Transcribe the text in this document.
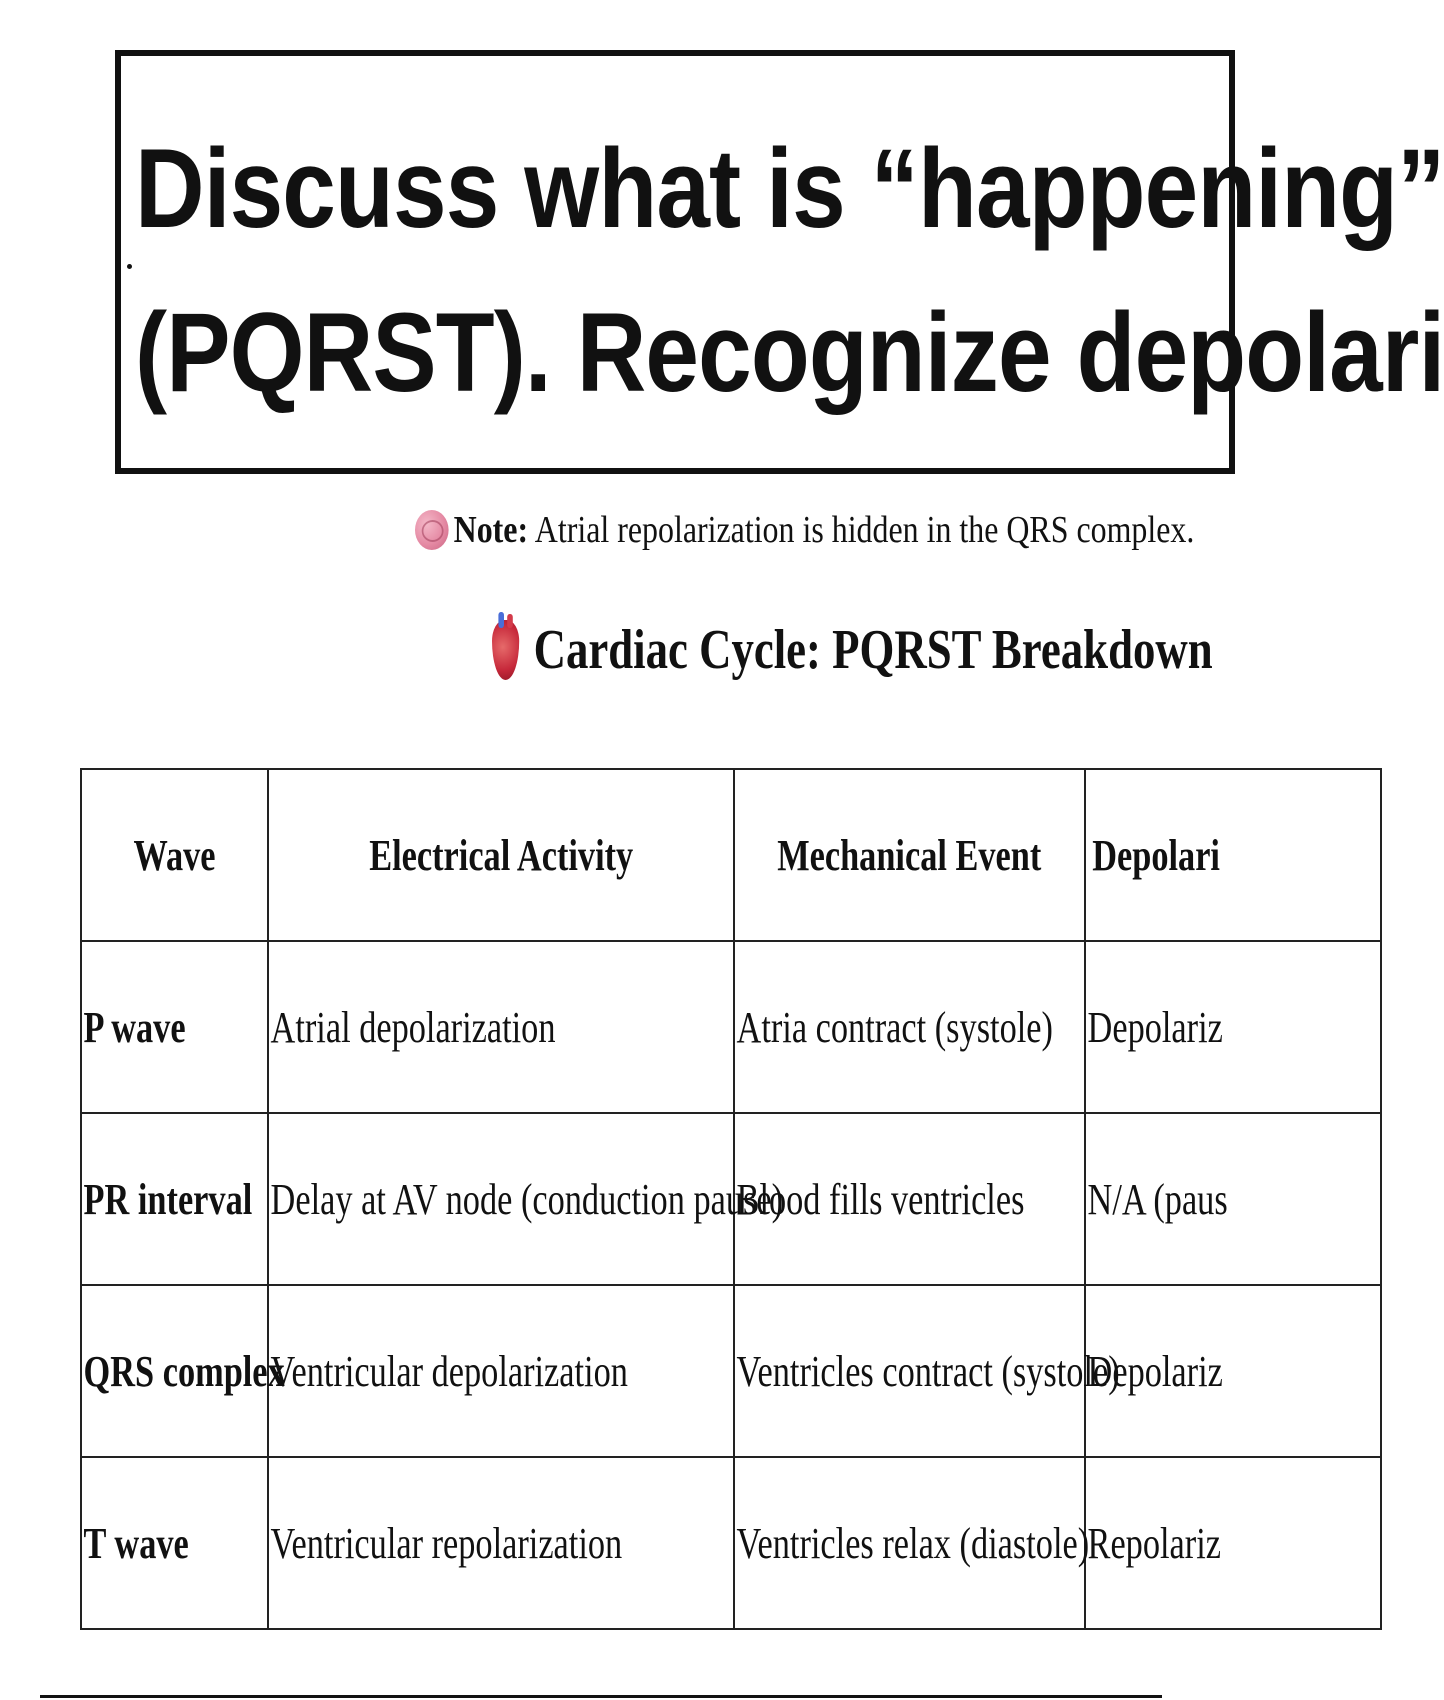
Discuss what is “happening”
(PQRST). Recognize depolari
Note: Atrial repolarization is hidden in the QRS complex.
Cardiac Cycle: PQRST Breakdown
Wave	Electrical Activity	Mechanical Event	Depolari
P wave	Atrial depolarization	Atria contract (systole)	Depolariz
PR interval	Delay at AV node (conduction pause)	Blood fills ventricles	N/A (paus
QRS complex	Ventricular depolarization	Ventricles contract (systole)	Depolariz
T wave	Ventricular repolarization	Ventricles relax (diastole)	Repolariz
